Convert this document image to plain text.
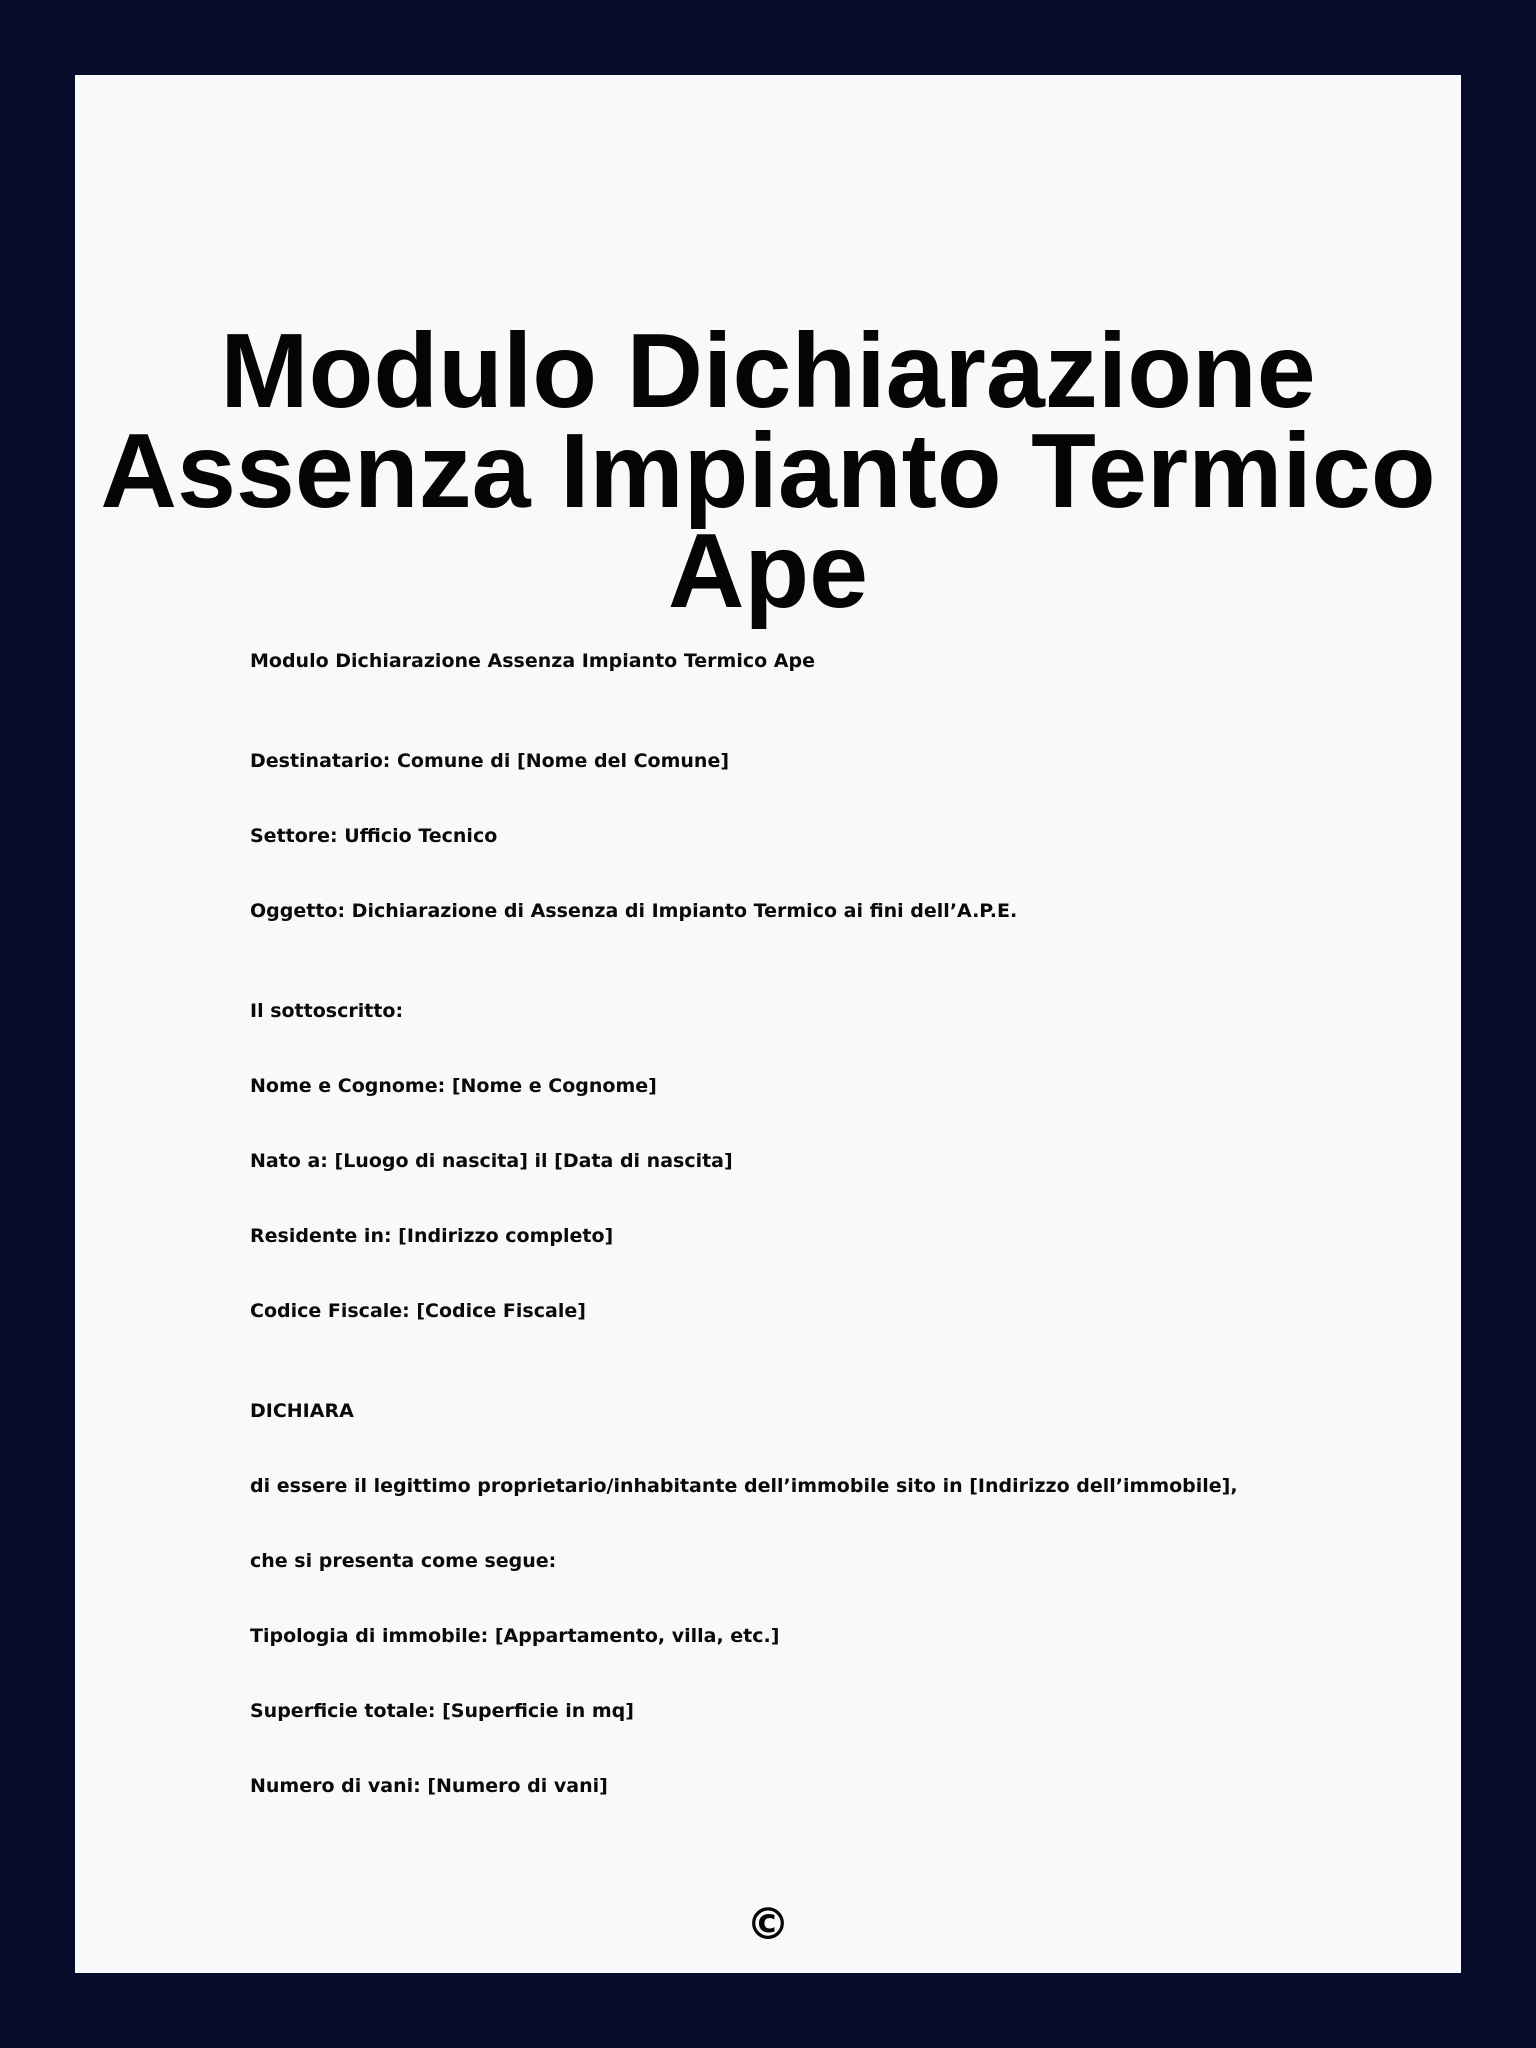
Modulo Dichiarazione Assenza Impianto Termico Ape

Modulo Dichiarazione Assenza Impianto Termico Ape

Destinatario: Comune di [Nome del Comune]

Settore: Ufficio Tecnico

Oggetto: Dichiarazione di Assenza di Impianto Termico ai fini dell’A.P.E.

Il sottoscritto:

Nome e Cognome: [Nome e Cognome]

Nato a: [Luogo di nascita] il [Data di nascita]

Residente in: [Indirizzo completo]

Codice Fiscale: [Codice Fiscale]

DICHIARA

di essere il legittimo proprietario/inhabitante dell’immobile sito in [Indirizzo dell’immobile],

che si presenta come segue:

Tipologia di immobile: [Appartamento, villa, etc.]

Superficie totale: [Superficie in mq]

Numero di vani: [Numero di vani]

©
